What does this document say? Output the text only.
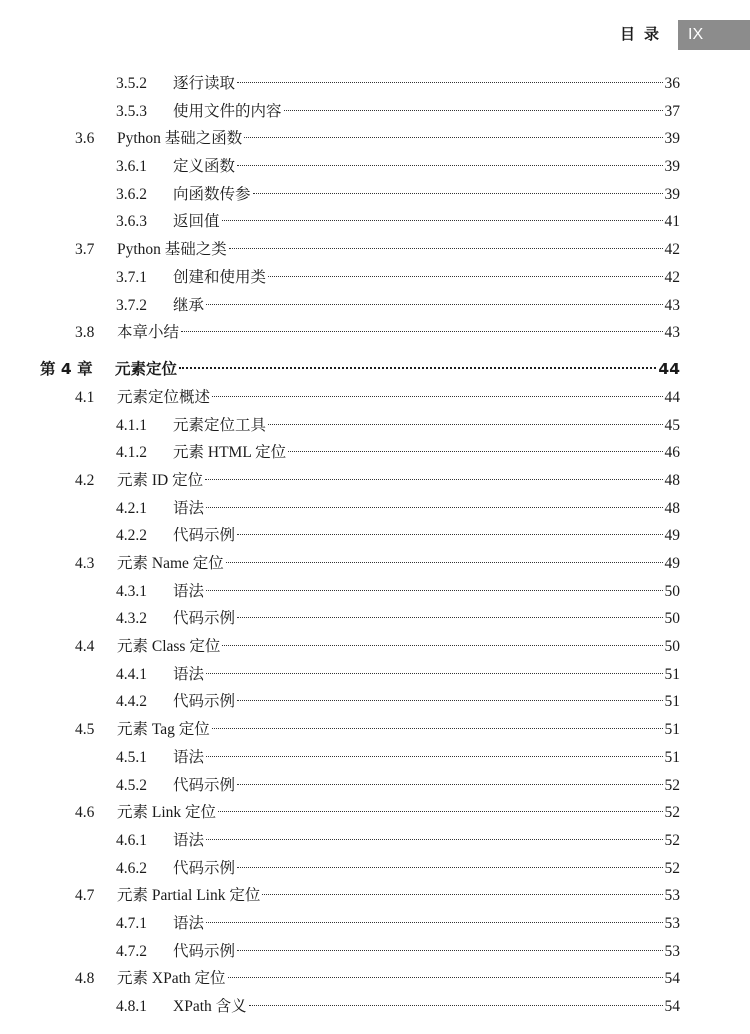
目录	IX
3.5.2 逐行读取	36
3.5.3 使用文件的内容	37
3.6 Python 基础之函数	39
3.6.1 定义函数	39
3.6.2 向函数传参	39
3.6.3 返回值	41
3.7 Python 基础之类	42
3.7.1 创建和使用类	42
3.7.2 继承	43
3.8 本章小结	43
第 4 章 元素定位	44
4.1 元素定位概述	44
4.1.1 元素定位工具	45
4.1.2 元素 HTML 定位	46
4.2 元素 ID 定位	48
4.2.1 语法	48
4.2.2 代码示例	49
4.3 元素 Name 定位	49
4.3.1 语法	50
4.3.2 代码示例	50
4.4 元素 Class 定位	50
4.4.1 语法	51
4.4.2 代码示例	51
4.5 元素 Tag 定位	51
4.5.1 语法	51
4.5.2 代码示例	52
4.6 元素 Link 定位	52
4.6.1 语法	52
4.6.2 代码示例	52
4.7 元素 Partial Link 定位	53
4.7.1 语法	53
4.7.2 代码示例	53
4.8 元素 XPath 定位	54
4.8.1 XPath 含义	54
